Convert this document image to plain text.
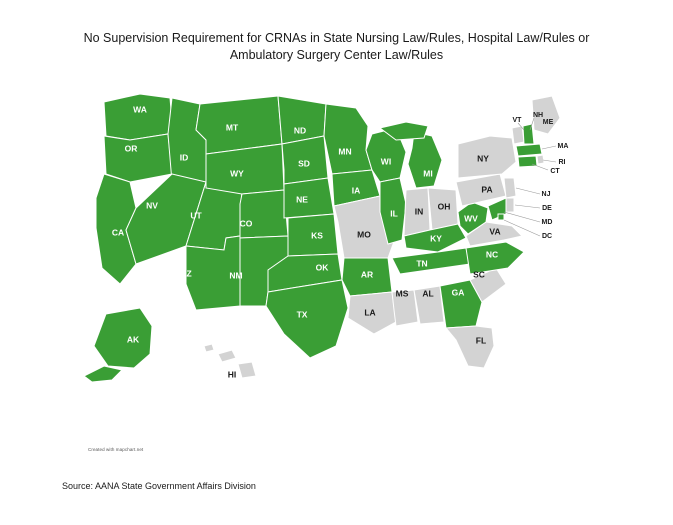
No Supervision Requirement for CRNAs in State Nursing Law/Rules, Hospital Law/Rules or
Ambulatory Surgery Center Law/Rules
WA
OR
CA
AK
HI
ID
NV
UT
AZ
MT
WY
CO
NM
ND
SD
NE
KS
OK
TX
MN
IA
MO
AR
LA
WI
IL
MS
MI
IN OH
KY
TN
AL GA
FL
SC
NC
VA
WV
PA
NY
VT
NH
ME
MA
RI
CT
NJ
DE
MD
DC
Created with mapchart.net
Source: AANA State Government Affairs Division
